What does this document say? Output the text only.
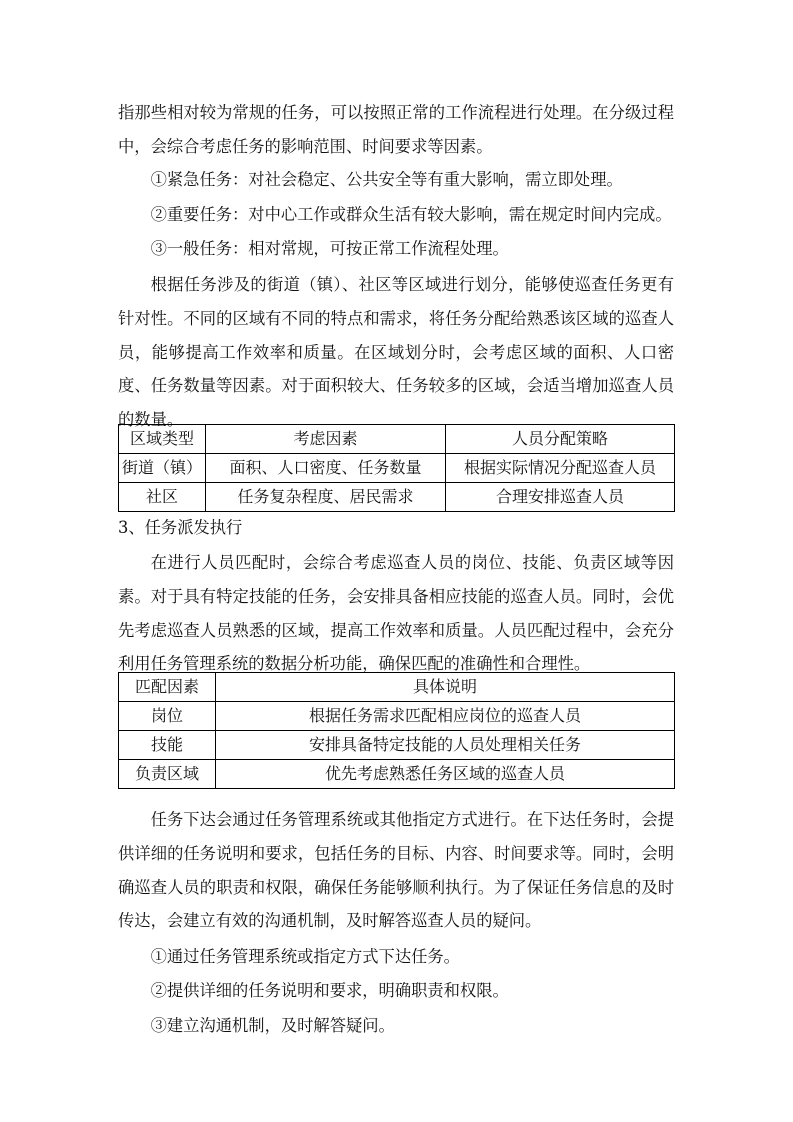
指那些相对较为常规的任务，可以按照正常的工作流程进行处理。在分级过程中，会综合考虑任务的影响范围、时间要求等因素。

①紧急任务：对社会稳定、公共安全等有重大影响，需立即处理。

②重要任务：对中心工作或群众生活有较大影响，需在规定时间内完成。

③一般任务：相对常规，可按正常工作流程处理。

根据任务涉及的街道（镇）、社区等区域进行划分，能够使巡查任务更有针对性。不同的区域有不同的特点和需求，将任务分配给熟悉该区域的巡查人员，能够提高工作效率和质量。在区域划分时，会考虑区域的面积、人口密度、任务数量等因素。对于面积较大、任务较多的区域，会适当增加巡查人员的数量。

区域类型	考虑因素	人员分配策略
街道（镇）	面积、人口密度、任务数量	根据实际情况分配巡查人员
社区	任务复杂程度、居民需求	合理安排巡查人员

3、任务派发执行

在进行人员匹配时，会综合考虑巡查人员的岗位、技能、负责区域等因素。对于具有特定技能的任务，会安排具备相应技能的巡查人员。同时，会优先考虑巡查人员熟悉的区域，提高工作效率和质量。人员匹配过程中，会充分利用任务管理系统的数据分析功能，确保匹配的准确性和合理性。

匹配因素	具体说明
岗位	根据任务需求匹配相应岗位的巡查人员
技能	安排具备特定技能的人员处理相关任务
负责区域	优先考虑熟悉任务区域的巡查人员

任务下达会通过任务管理系统或其他指定方式进行。在下达任务时，会提供详细的任务说明和要求，包括任务的目标、内容、时间要求等。同时，会明确巡查人员的职责和权限，确保任务能够顺利执行。为了保证任务信息的及时传达，会建立有效的沟通机制，及时解答巡查人员的疑问。

①通过任务管理系统或指定方式下达任务。

②提供详细的任务说明和要求，明确职责和权限。

③建立沟通机制，及时解答疑问。
